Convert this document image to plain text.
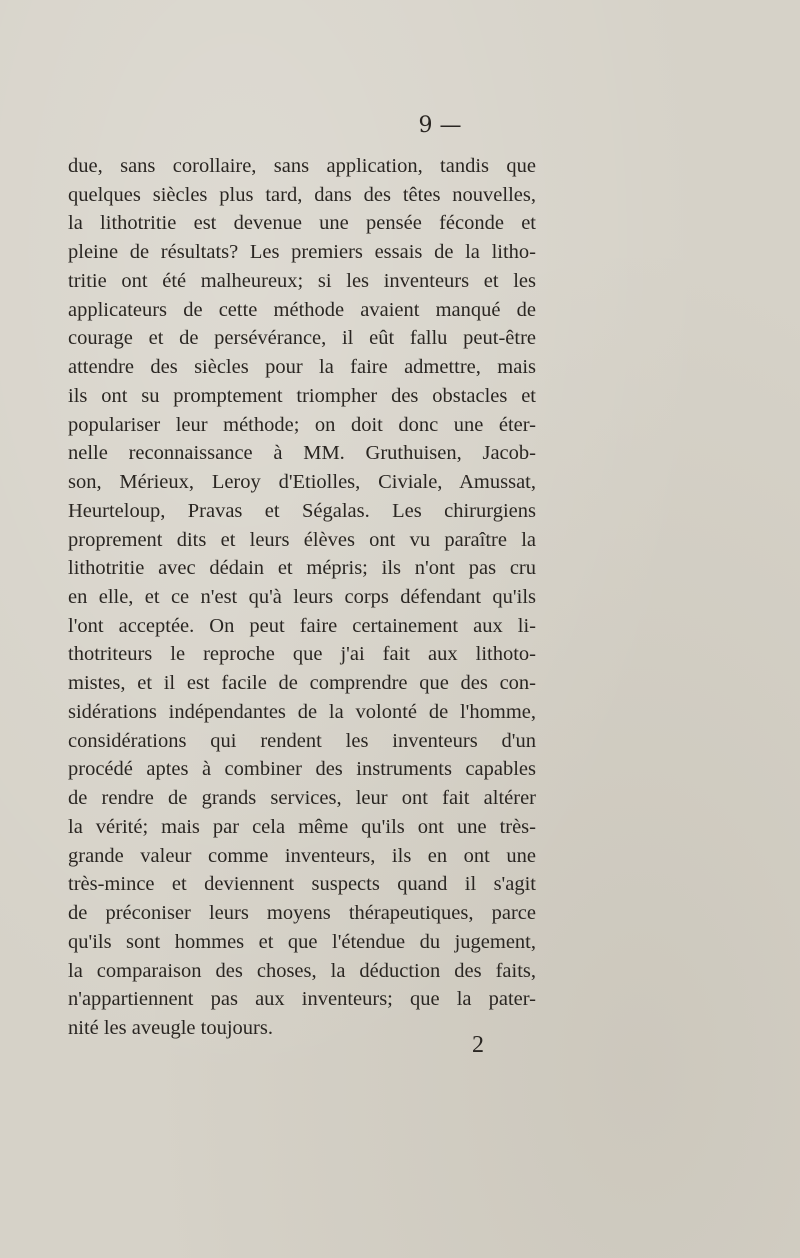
9 —
due, sans corollaire, sans application, tandis que
quelques siècles plus tard, dans des têtes nouvelles,
la lithotritie est devenue une pensée féconde et
pleine de résultats? Les premiers essais de la litho-
tritie ont été malheureux; si les inventeurs et les
applicateurs de cette méthode avaient manqué de
courage et de persévérance, il eût fallu peut-être
attendre des siècles pour la faire admettre, mais
ils ont su promptement triompher des obstacles et
populariser leur méthode; on doit donc une éter-
nelle reconnaissance à MM. Gruthuisen, Jacob-
son, Mérieux, Leroy d'Etiolles, Civiale, Amussat,
Heurteloup, Pravas et Ségalas. Les chirurgiens
proprement dits et leurs élèves ont vu paraître la
lithotritie avec dédain et mépris; ils n'ont pas cru
en elle, et ce n'est qu'à leurs corps défendant qu'ils
l'ont acceptée. On peut faire certainement aux li-
thotriteurs le reproche que j'ai fait aux lithoto-
mistes, et il est facile de comprendre que des con-
sidérations indépendantes de la volonté de l'homme,
considérations qui rendent les inventeurs d'un
procédé aptes à combiner des instruments capables
de rendre de grands services, leur ont fait altérer
la vérité; mais par cela même qu'ils ont une très-
grande valeur comme inventeurs, ils en ont une
très-mince et deviennent suspects quand il s'agit
de préconiser leurs moyens thérapeutiques, parce
qu'ils sont hommes et que l'étendue du jugement,
la comparaison des choses, la déduction des faits,
n'appartiennent pas aux inventeurs; que la pater-
nité les aveugle toujours.
2
